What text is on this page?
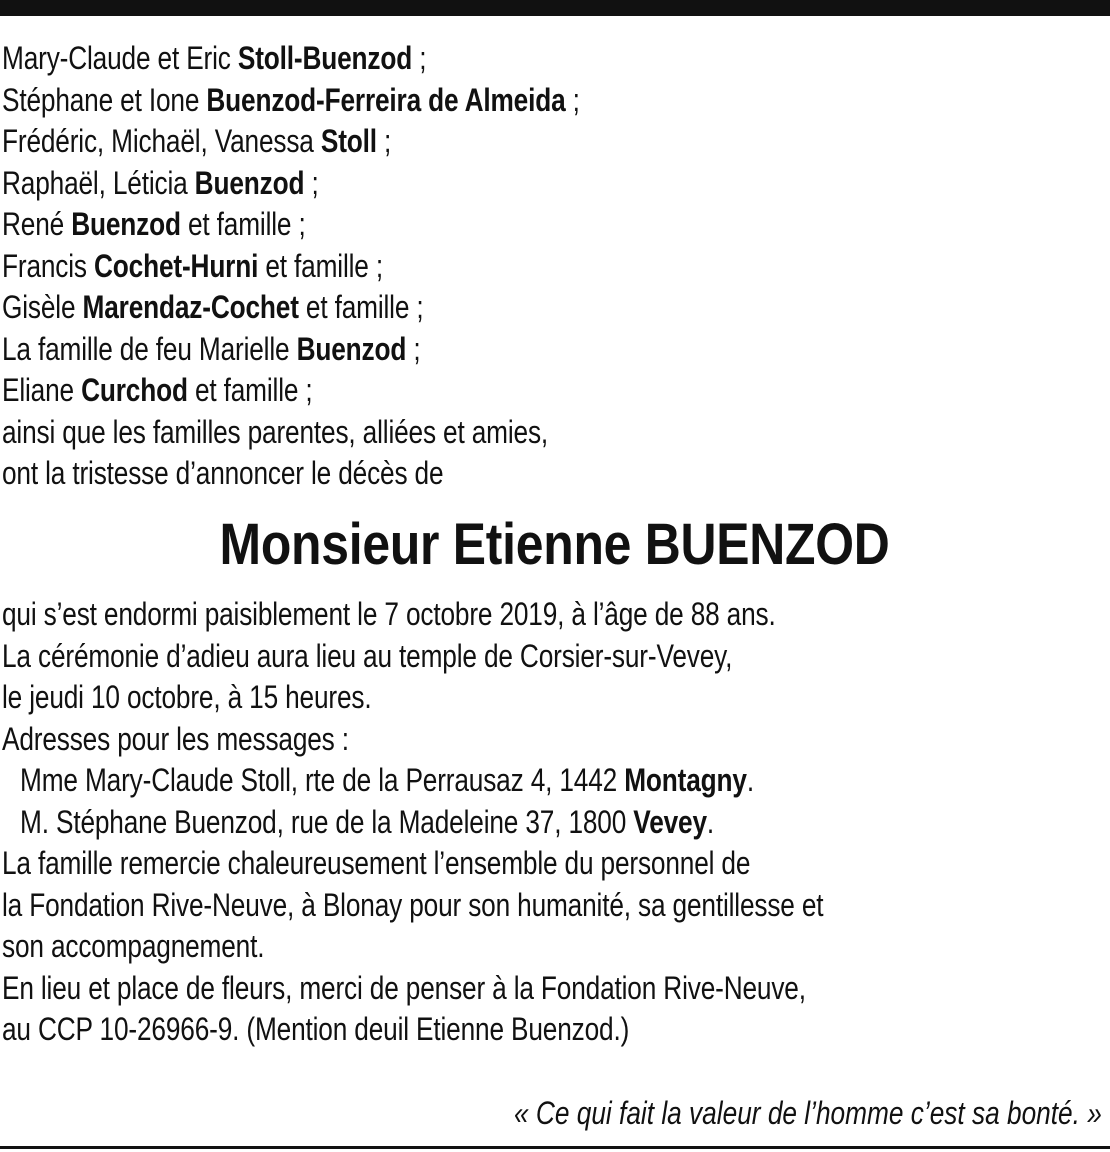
Mary-Claude et Eric Stoll-Buenzod ;
Stéphane et Ione Buenzod-Ferreira de Almeida ;
Frédéric, Michaël, Vanessa Stoll ;
Raphaël, Léticia Buenzod ;
René Buenzod et famille ;
Francis Cochet-Hurni et famille ;
Gisèle Marendaz-Cochet et famille ;
La famille de feu Marielle Buenzod ;
Eliane Curchod et famille ;
ainsi que les familles parentes, alliées et amies,
ont la tristesse d’annoncer le décès de
Monsieur Etienne BUENZOD
qui s’est endormi paisiblement le 7 octobre 2019, à l’âge de 88 ans.
La cérémonie d’adieu aura lieu au temple de Corsier-sur-Vevey,
le jeudi 10 octobre, à 15 heures.
Adresses pour les messages :
Mme Mary-Claude Stoll, rte de la Perrausaz 4, 1442 Montagny.
M. Stéphane Buenzod, rue de la Madeleine 37, 1800 Vevey.
La famille remercie chaleureusement l’ensemble du personnel de
la Fondation Rive-Neuve, à Blonay pour son humanité, sa gentillesse et
son accompagnement.
En lieu et place de fleurs, merci de penser à la Fondation Rive-Neuve,
au CCP 10-26966-9. (Mention deuil Etienne Buenzod.)
« Ce qui fait la valeur de l’homme c’est sa bonté. »
